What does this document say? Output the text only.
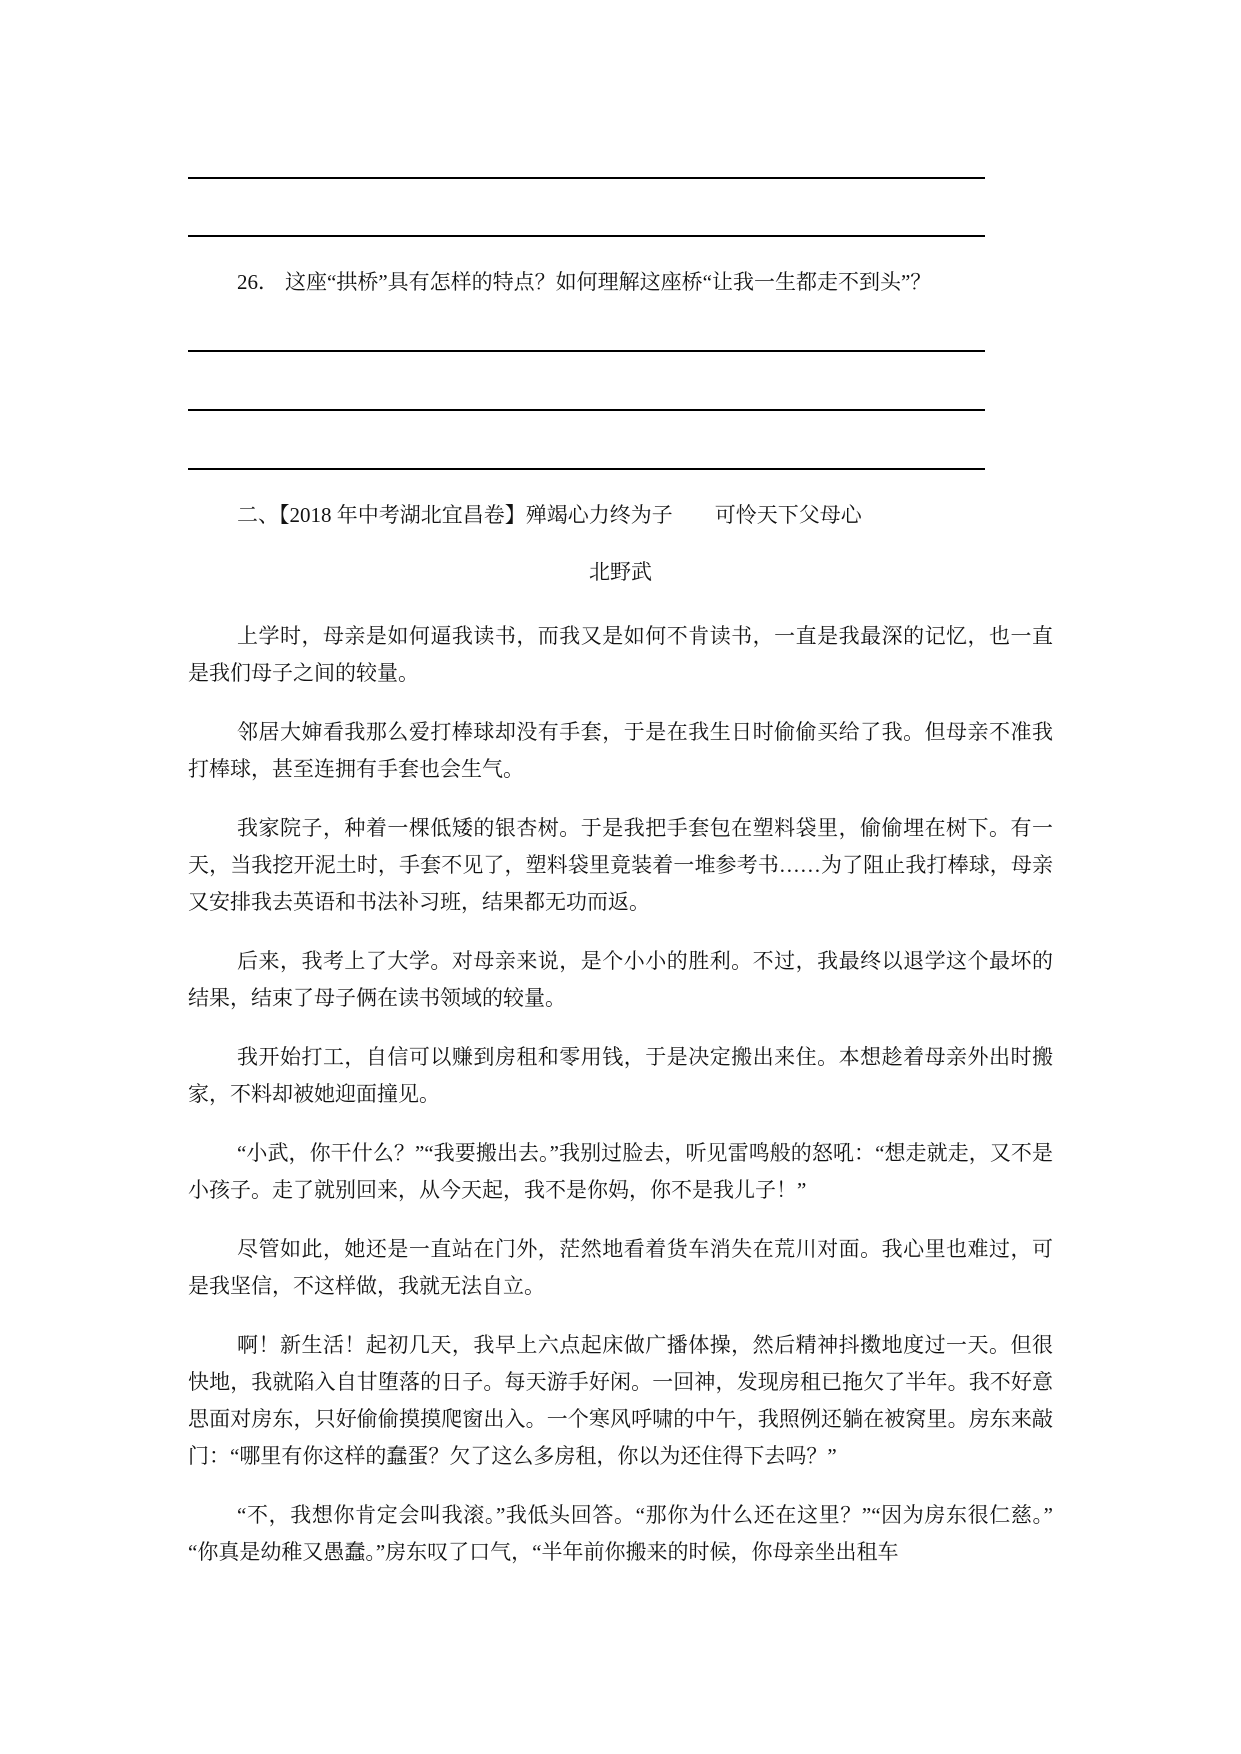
26． 这座“拱桥”具有怎样的特点？如何理解这座桥“让我一生都走不到头”？

二、【2018 年中考湖北宜昌卷】殚竭心力终为子　　可怜天下父母心

北野武

上学时，母亲是如何逼我读书，而我又是如何不肯读书，一直是我最深的记忆，也一直是我们母子之间的较量。

邻居大婶看我那么爱打棒球却没有手套，于是在我生日时偷偷买给了我。但母亲不准我打棒球，甚至连拥有手套也会生气。

我家院子，种着一棵低矮的银杏树。于是我把手套包在塑料袋里，偷偷埋在树下。有一天，当我挖开泥土时，手套不见了，塑料袋里竟装着一堆参考书……为了阻止我打棒球，母亲又安排我去英语和书法补习班，结果都无功而返。

后来，我考上了大学。对母亲来说，是个小小的胜利。不过，我最终以退学这个最坏的结果，结束了母子俩在读书领域的较量。

我开始打工，自信可以赚到房租和零用钱，于是决定搬出来住。本想趁着母亲外出时搬家，不料却被她迎面撞见。

“小武，你干什么？”“我要搬出去。”我别过脸去，听见雷鸣般的怒吼：“想走就走，又不是小孩子。走了就别回来，从今天起，我不是你妈，你不是我儿子！”

尽管如此，她还是一直站在门外，茫然地看着货车消失在荒川对面。我心里也难过，可是我坚信，不这样做，我就无法自立。

啊！新生活！起初几天，我早上六点起床做广播体操，然后精神抖擞地度过一天。但很快地，我就陷入自甘堕落的日子。每天游手好闲。一回神，发现房租已拖欠了半年。我不好意思面对房东，只好偷偷摸摸爬窗出入。一个寒风呼啸的中午，我照例还躺在被窝里。房东来敲门：“哪里有你这样的蠢蛋？欠了这么多房租，你以为还住得下去吗？”

“不，我想你肯定会叫我滚。”我低头回答。“那你为什么还在这里？”“因为房东很仁慈。”“你真是幼稚又愚蠢。”房东叹了口气，“半年前你搬来的时候，你母亲坐出租车
